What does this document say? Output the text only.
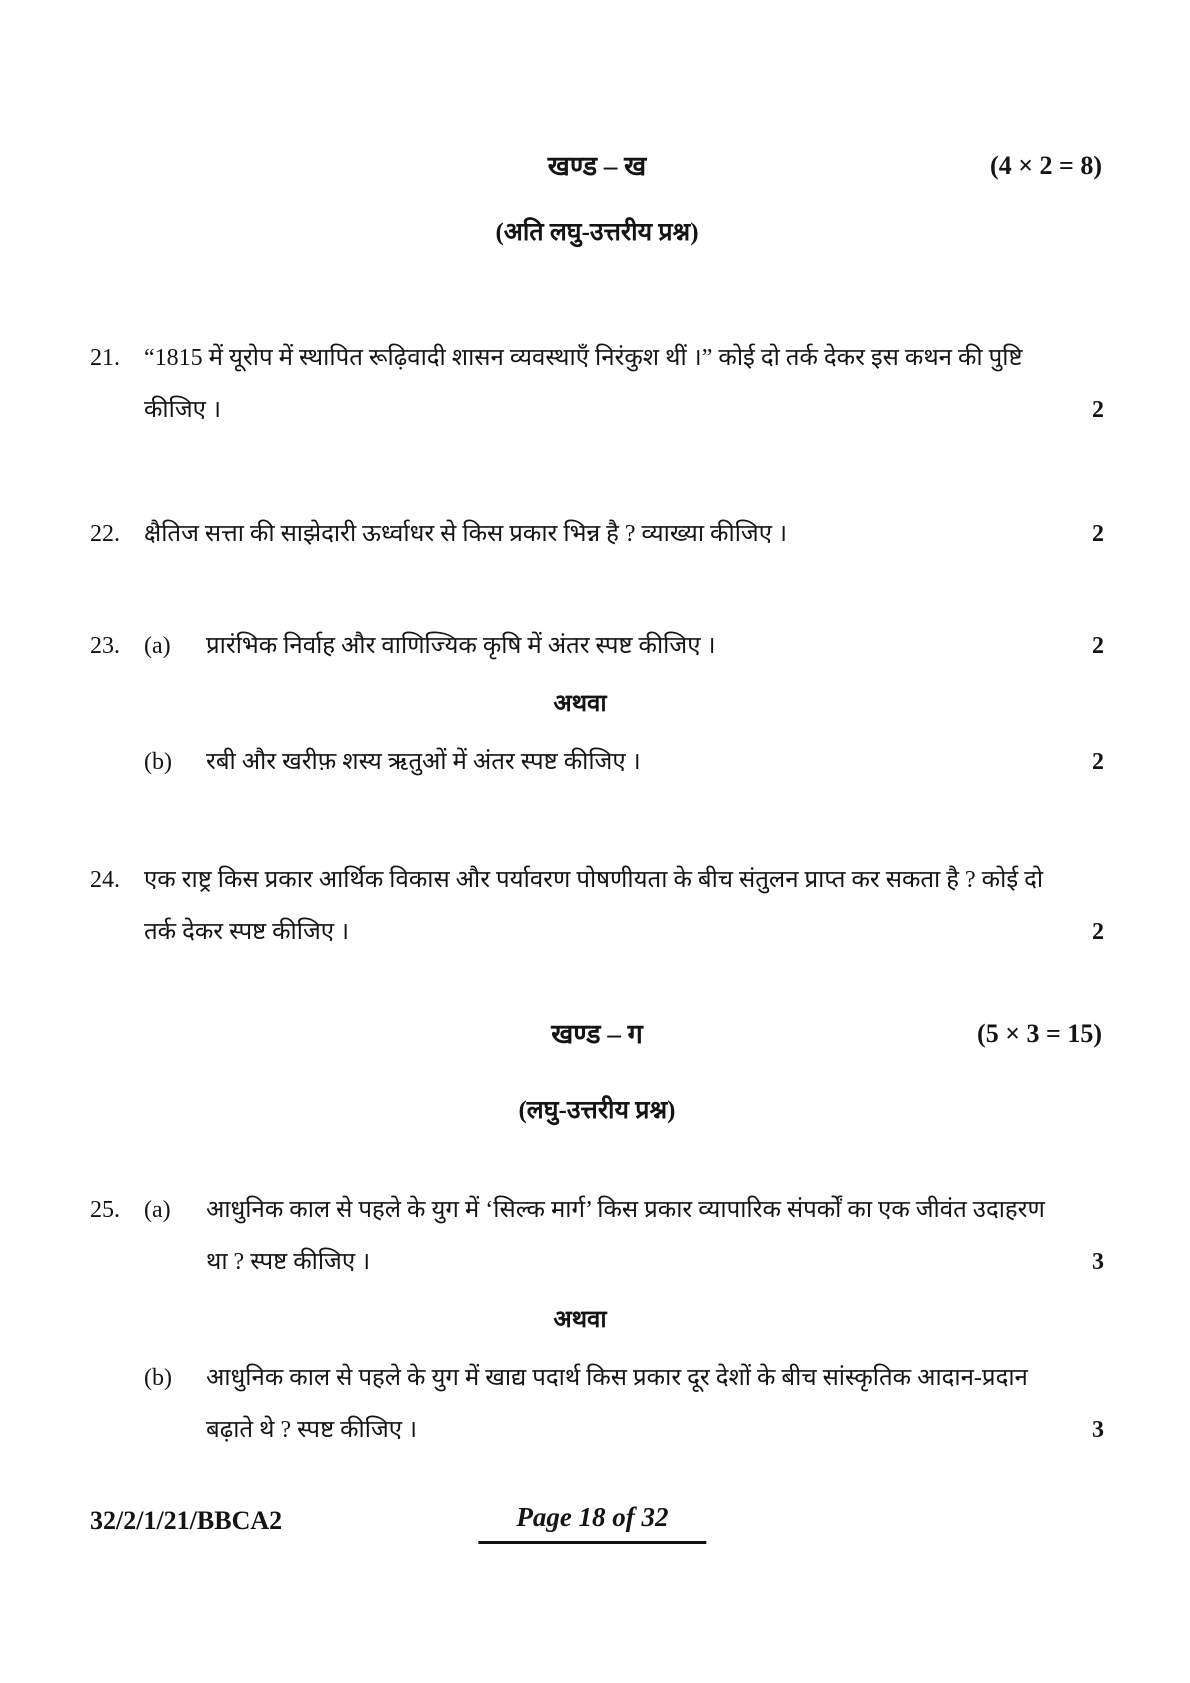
खण्ड – ख	(4 × 2 = 8)
(अति लघु-उत्तरीय प्रश्न)
21.	“1815 में यूरोप में स्थापित रूढ़िवादी शासन व्यवस्थाएँ निरंकुश थीं ।” कोई दो तर्क देकर इस कथन की पुष्टि कीजिए ।	2
22.	क्षैतिज सत्ता की साझेदारी ऊर्ध्वाधर से किस प्रकार भिन्न है ? व्याख्या कीजिए ।	2
23.	(a)	प्रारंभिक निर्वाह और वाणिज्यिक कृषि में अंतर स्पष्ट कीजिए ।	2
अथवा
(b)	रबी और खरीफ़ शस्य ऋतुओं में अंतर स्पष्ट कीजिए ।	2
24.	एक राष्ट्र किस प्रकार आर्थिक विकास और पर्यावरण पोषणीयता के बीच संतुलन प्राप्त कर सकता है ? कोई दो तर्क देकर स्पष्ट कीजिए ।	2
खण्ड – ग	(5 × 3 = 15)
(लघु-उत्तरीय प्रश्न)
25.	(a)	आधुनिक काल से पहले के युग में ‘सिल्क मार्ग’ किस प्रकार व्यापारिक संपर्कों का एक जीवंत उदाहरण था ? स्पष्ट कीजिए ।	3
अथवा
(b)	आधुनिक काल से पहले के युग में खाद्य पदार्थ किस प्रकार दूर देशों के बीच सांस्कृतिक आदान-प्रदान बढ़ाते थे ? स्पष्ट कीजिए ।	3
32/2/1/21/BBCA2	Page 18 of 32
